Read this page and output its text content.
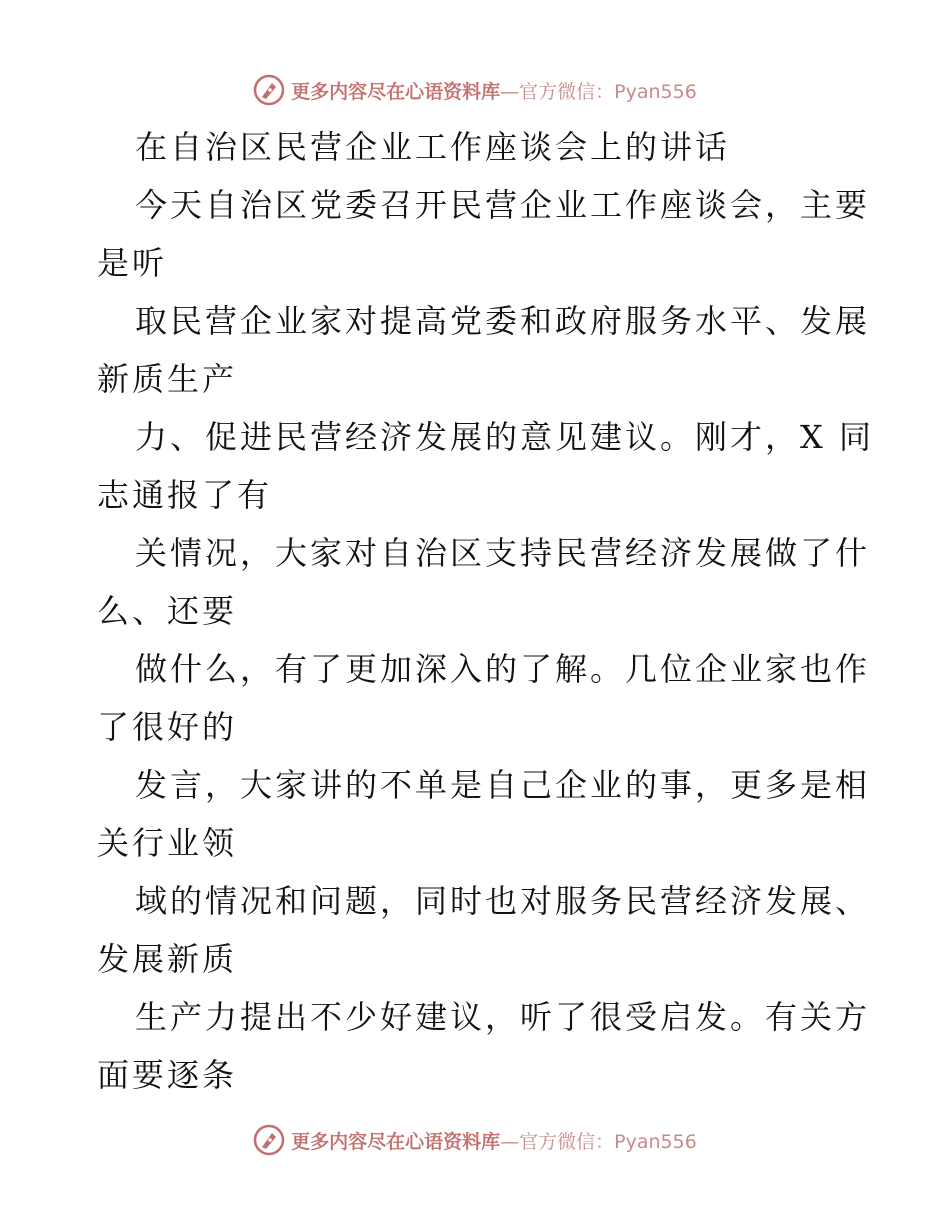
更多内容尽在心语资料库—官方微信：Pyan556
在自治区民营企业工作座谈会上的讲话
今天自治区党委召开民营企业工作座谈会，主要
是听
取民营企业家对提高党委和政府服务水平、发展
新质生产
力、促进民营经济发展的意见建议。刚才，X 同
志通报了有
关情况，大家对自治区支持民营经济发展做了什
么、还要
做什么，有了更加深入的了解。几位企业家也作
了很好的
发言，大家讲的不单是自己企业的事，更多是相
关行业领
域的情况和问题，同时也对服务民营经济发展、
发展新质
生产力提出不少好建议，听了很受启发。有关方
面要逐条
更多内容尽在心语资料库—官方微信：Pyan556
